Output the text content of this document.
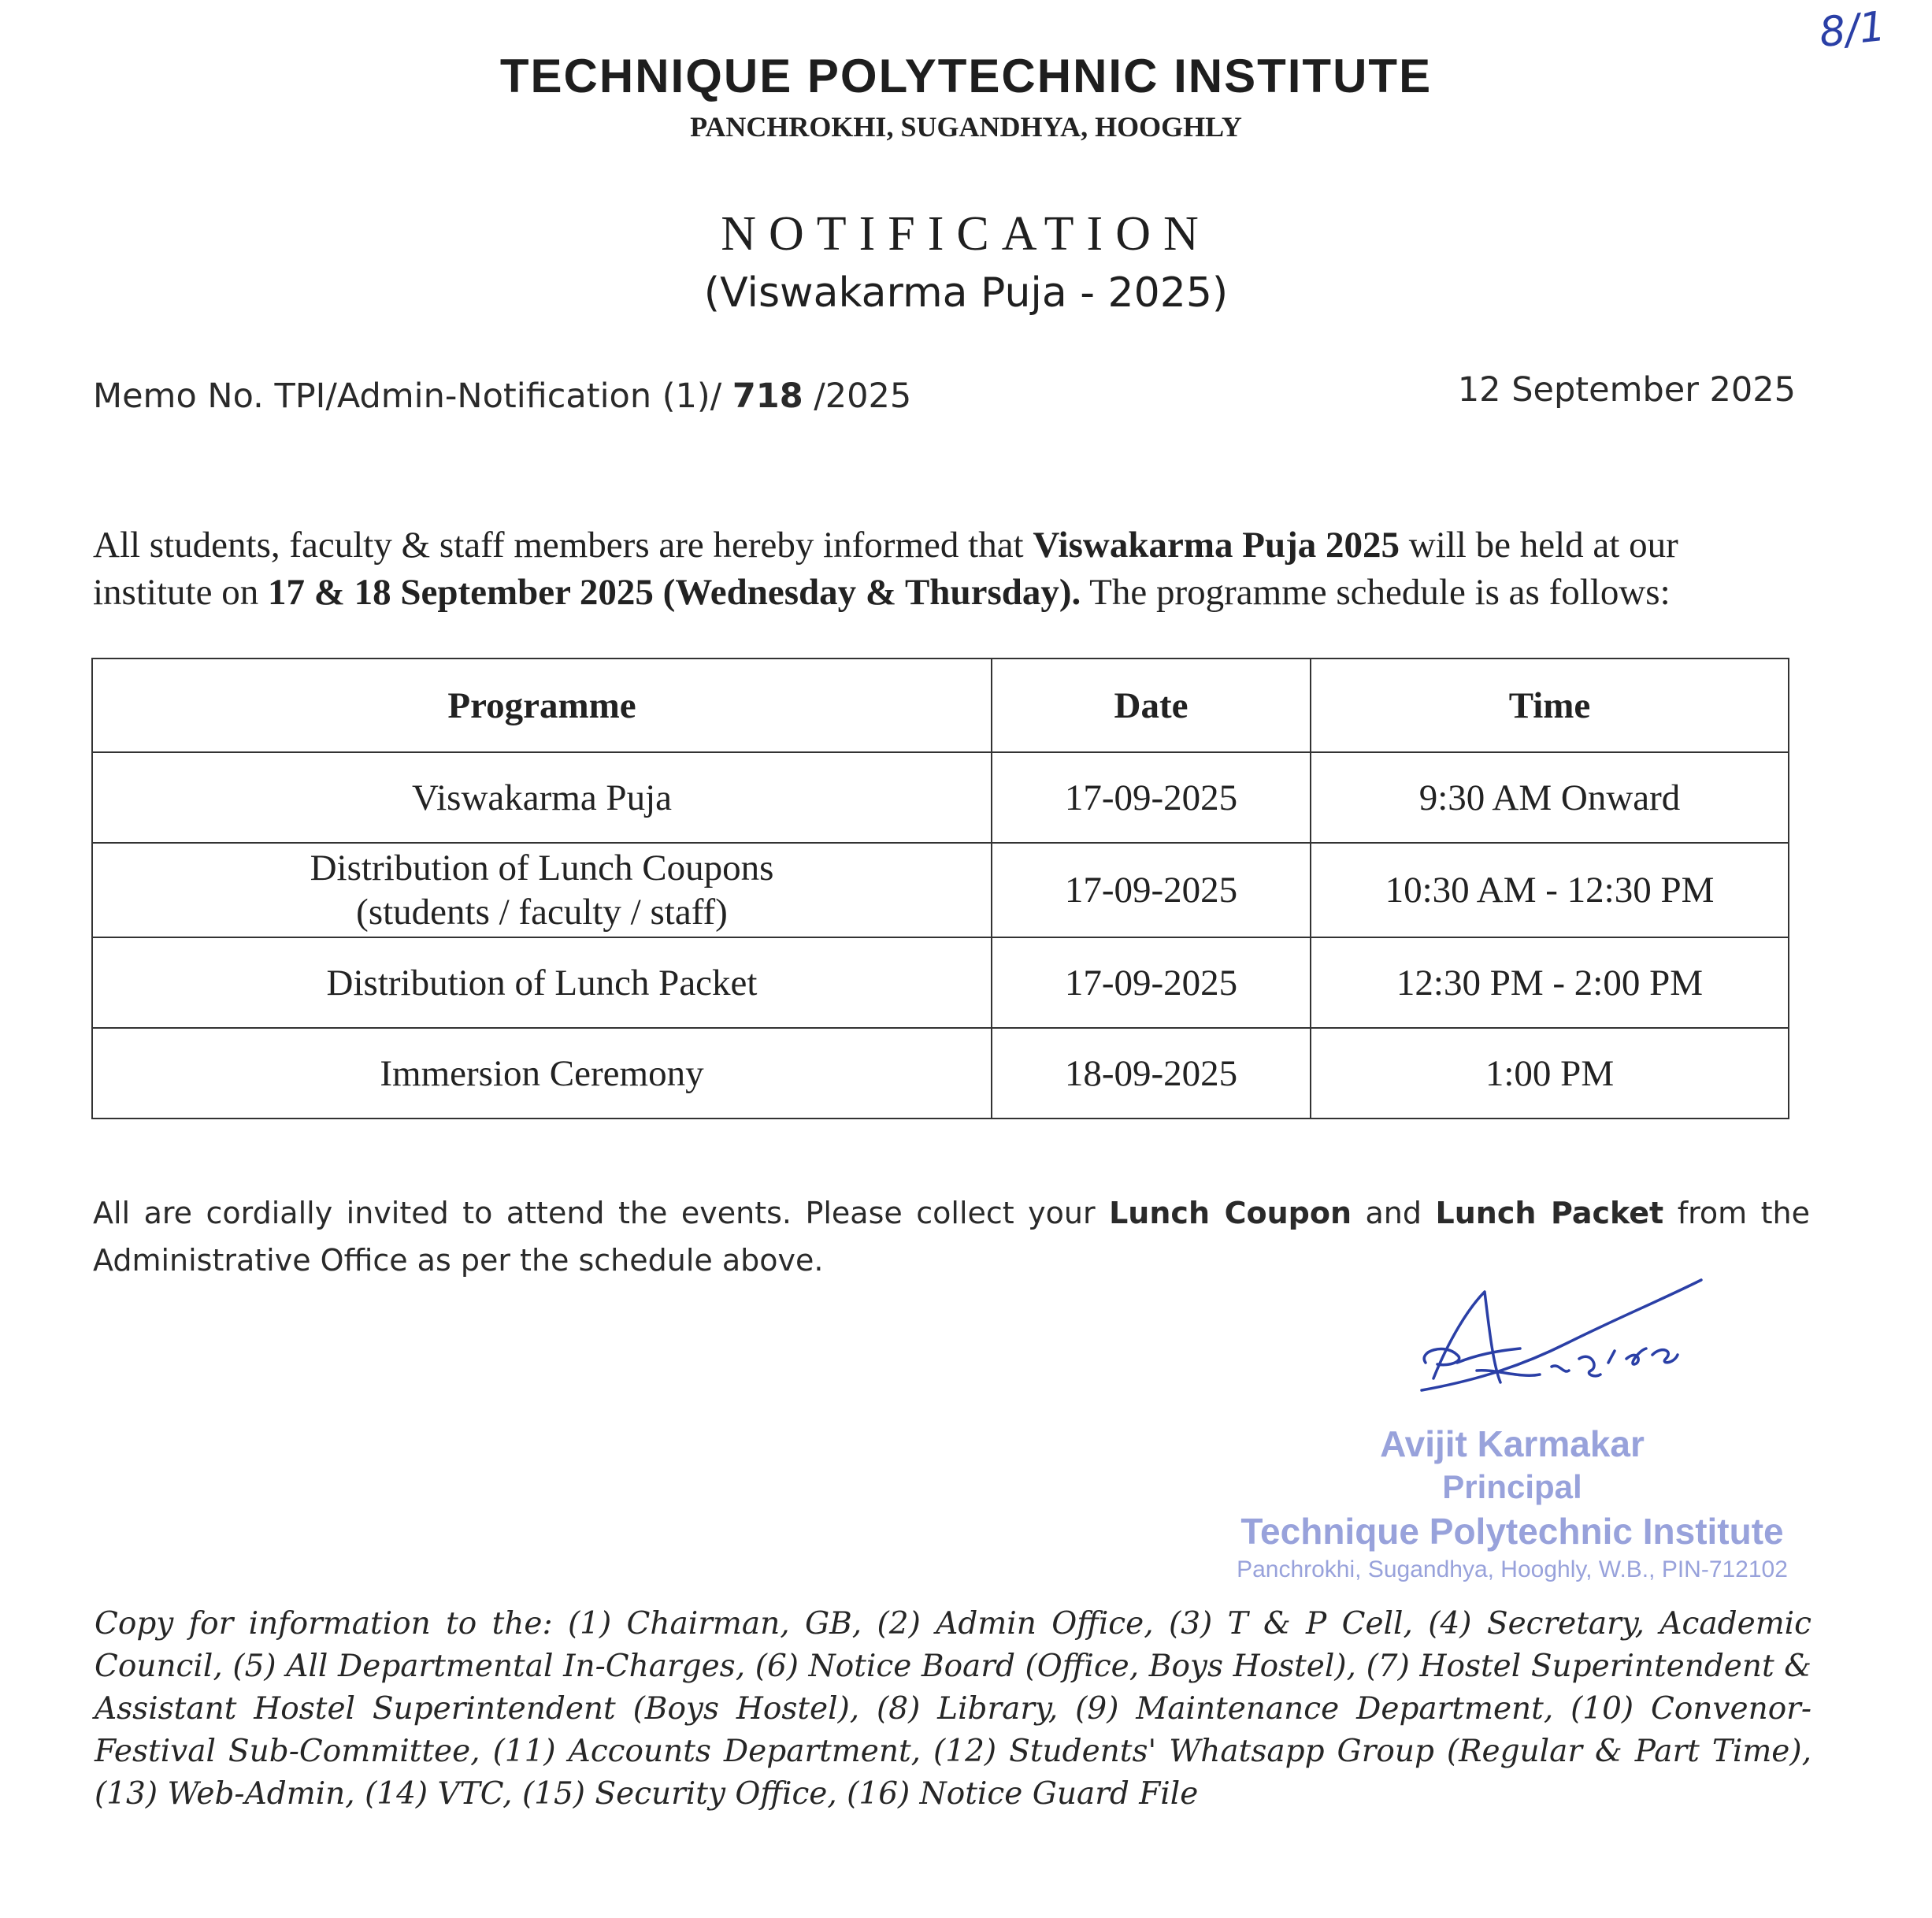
8/1
TECHNIQUE POLYTECHNIC INSTITUTE
PANCHROKHI, SUGANDHYA, HOOGHLY
NOTIFICATION
(Viswakarma Puja - 2025)
Memo No. TPI/Admin-Notification (1)/ 718 /2025	12 September 2025
All students, faculty & staff members are hereby informed that Viswakarma Puja 2025 will be held at our institute on 17 & 18 September 2025 (Wednesday & Thursday). The programme schedule is as follows:
Programme	Date	Time
Viswakarma Puja	17-09-2025	9:30 AM Onward
Distribution of Lunch Coupons
(students / faculty / staff)	17-09-2025	10:30 AM - 12:30 PM
Distribution of Lunch Packet	17-09-2025	12:30 PM - 2:00 PM
Immersion Ceremony	18-09-2025	1:00 PM
All are cordially invited to attend the events. Please collect your Lunch Coupon and Lunch Packet from the Administrative Office as per the schedule above.
Avijit Karmakar
Principal
Technique Polytechnic Institute
Panchrokhi, Sugandhya, Hooghly, W.B., PIN-712102
Copy for information to the: (1) Chairman, GB, (2) Admin Office, (3) T & P Cell, (4) Secretary, Academic Council, (5) All Departmental In-Charges, (6) Notice Board (Office, Boys Hostel), (7) Hostel Superintendent & Assistant Hostel Superintendent (Boys Hostel), (8) Library, (9) Maintenance Department, (10) Convenor-Festival Sub-Committee, (11) Accounts Department, (12) Students' Whatsapp Group (Regular & Part Time), (13) Web-Admin, (14) VTC, (15) Security Office, (16) Notice Guard File
